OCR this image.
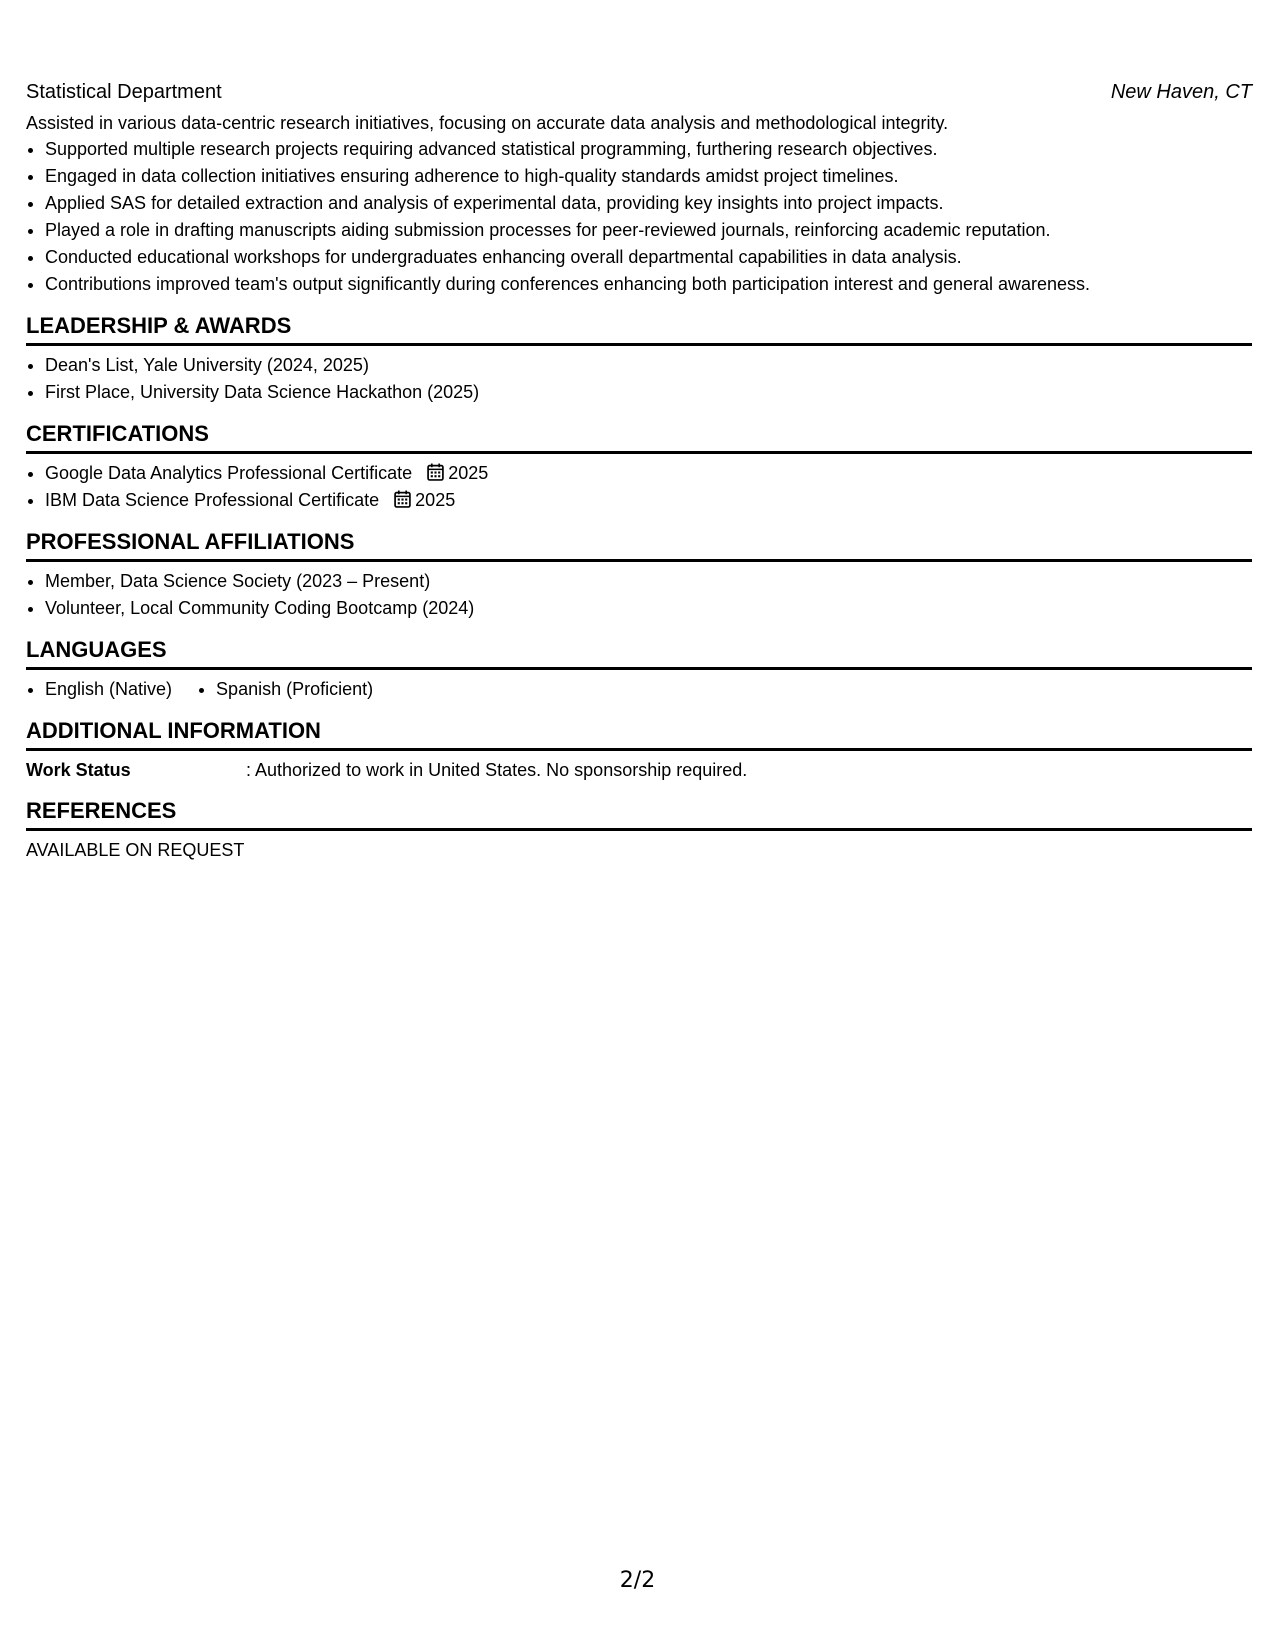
Statistical Department	New Haven, CT

Assisted in various data-centric research initiatives, focusing on accurate data analysis and methodological integrity.

• Supported multiple research projects requiring advanced statistical programming, furthering research objectives.
• Engaged in data collection initiatives ensuring adherence to high-quality standards amidst project timelines.
• Applied SAS for detailed extraction and analysis of experimental data, providing key insights into project impacts.
• Played a role in drafting manuscripts aiding submission processes for peer-reviewed journals, reinforcing academic reputation.
• Conducted educational workshops for undergraduates enhancing overall departmental capabilities in data analysis.
• Contributions improved team's output significantly during conferences enhancing both participation interest and general awareness.
LEADERSHIP & AWARDS
• Dean's List, Yale University (2024, 2025)
• First Place, University Data Science Hackathon (2025)
CERTIFICATIONS
• Google Data Analytics Professional Certificate 2025
• IBM Data Science Professional Certificate 2025
PROFESSIONAL AFFILIATIONS
• Member, Data Science Society (2023 – Present)
• Volunteer, Local Community Coding Bootcamp (2024)
LANGUAGES
• English (Native)
• Spanish (Proficient)
ADDITIONAL INFORMATION
Work Status	: Authorized to work in United States. No sponsorship required.
REFERENCES
AVAILABLE ON REQUEST
2/2
